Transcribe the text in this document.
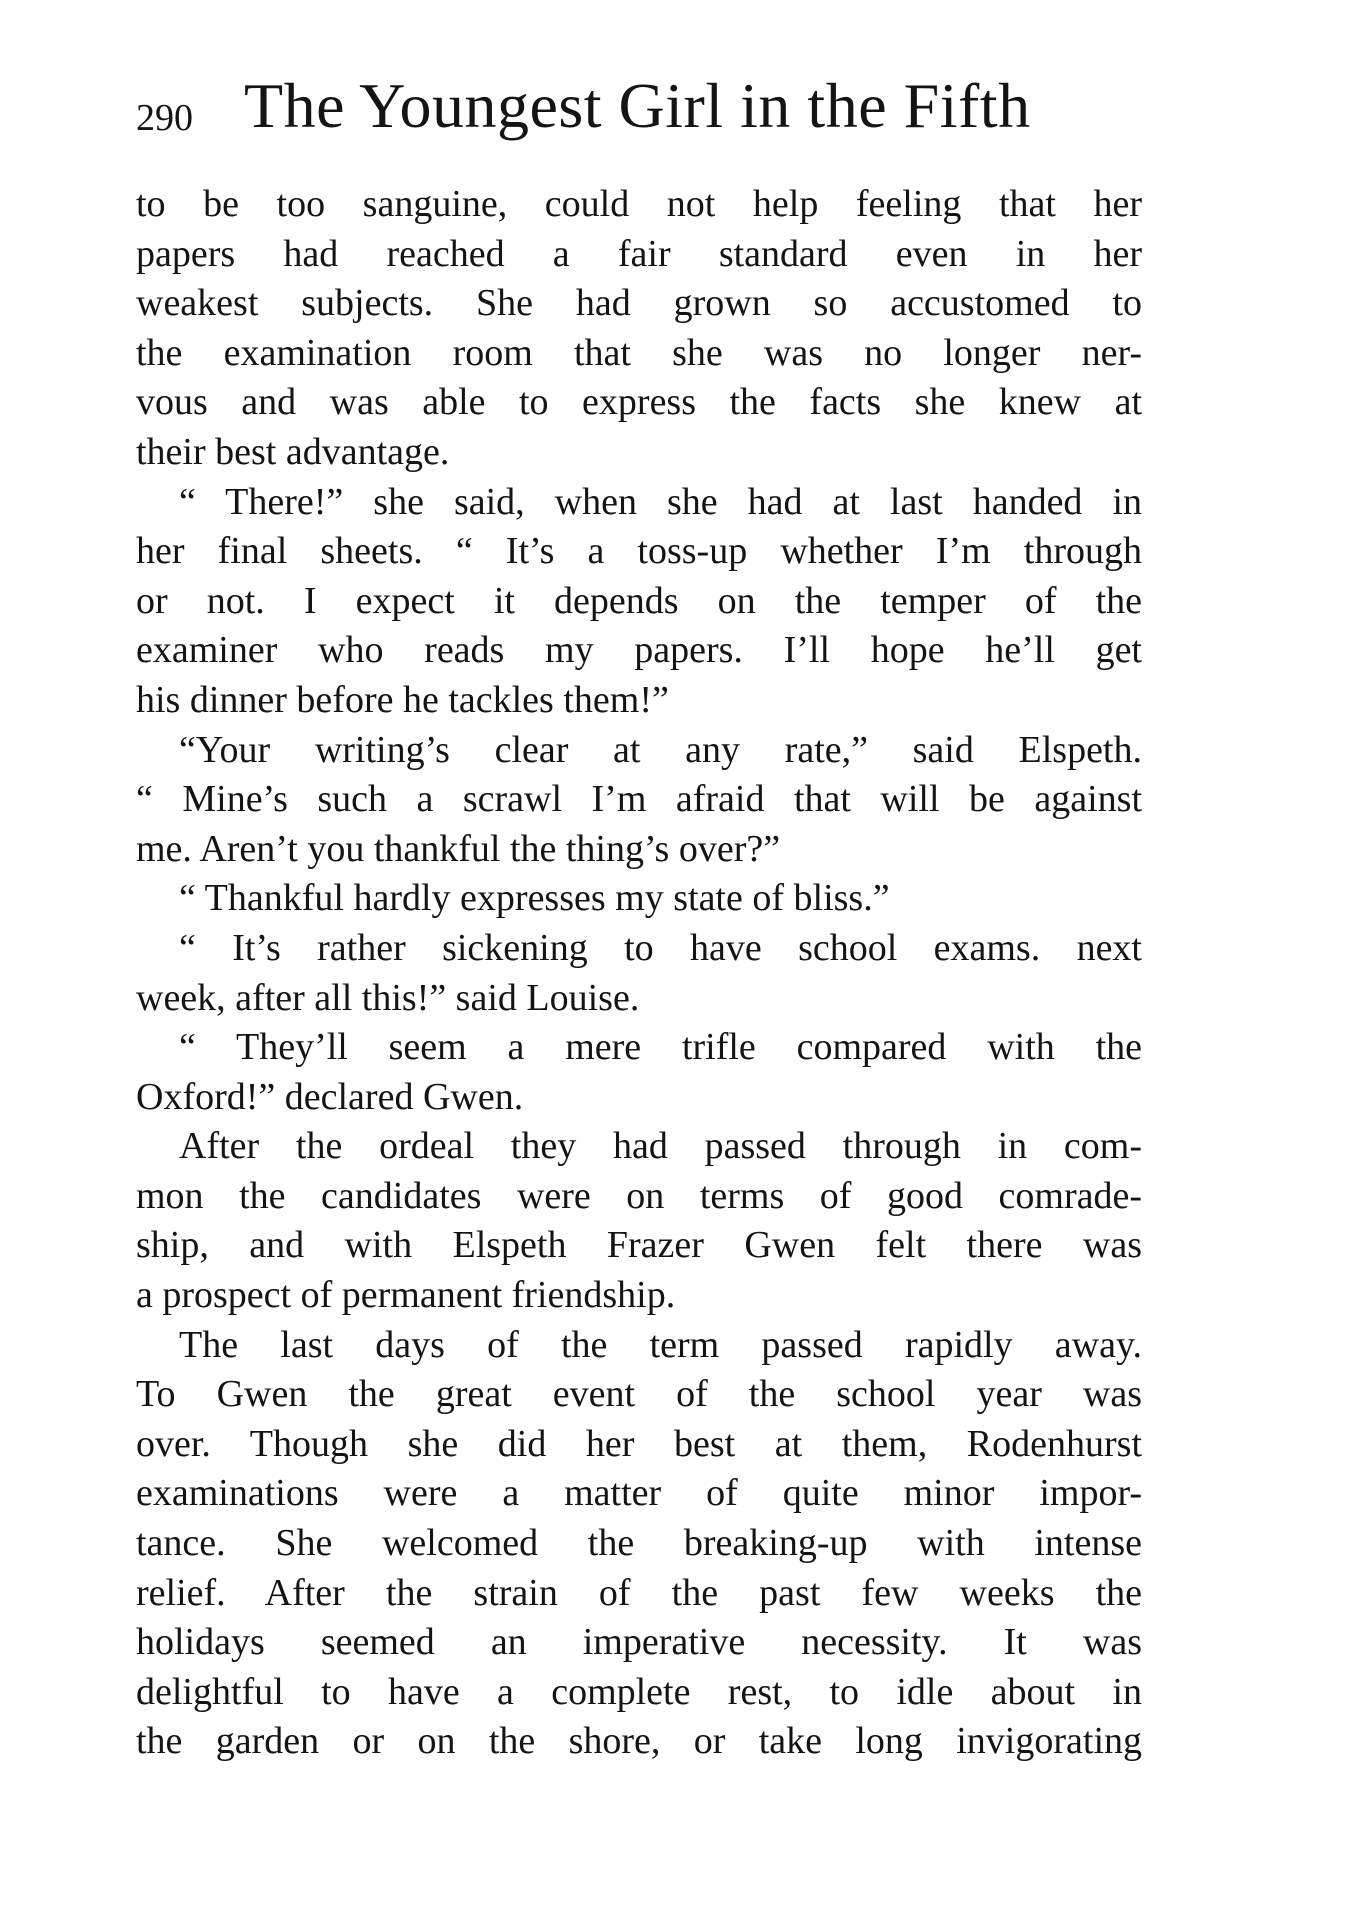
290 The Youngest Girl in the Fifth
to be too sanguine, could not help feeling that her
papers had reached a fair standard even in her
weakest subjects. She had grown so accustomed to
the examination room that she was no longer ner-
vous and was able to express the facts she knew at
their best advantage.
“ There!” she said, when she had at last handed in
her final sheets. “ It’s a toss-up whether I’m through
or not. I expect it depends on the temper of the
examiner who reads my papers. I’ll hope he’ll get
his dinner before he tackles them!”
“Your writing’s clear at any rate,” said Elspeth.
“ Mine’s such a scrawl I’m afraid that will be against
me. Aren’t you thankful the thing’s over?”
“ Thankful hardly expresses my state of bliss.”
“ It’s rather sickening to have school exams. next
week, after all this!” said Louise.
“ They’ll seem a mere trifle compared with the
Oxford!” declared Gwen.
After the ordeal they had passed through in com-
mon the candidates were on terms of good comrade-
ship, and with Elspeth Frazer Gwen felt there was
a prospect of permanent friendship.
The last days of the term passed rapidly away.
To Gwen the great event of the school year was
over. Though she did her best at them, Rodenhurst
examinations were a matter of quite minor impor-
tance. She welcomed the breaking-up with intense
relief. After the strain of the past few weeks the
holidays seemed an imperative necessity. It was
delightful to have a complete rest, to idle about in
the garden or on the shore, or take long invigorating
